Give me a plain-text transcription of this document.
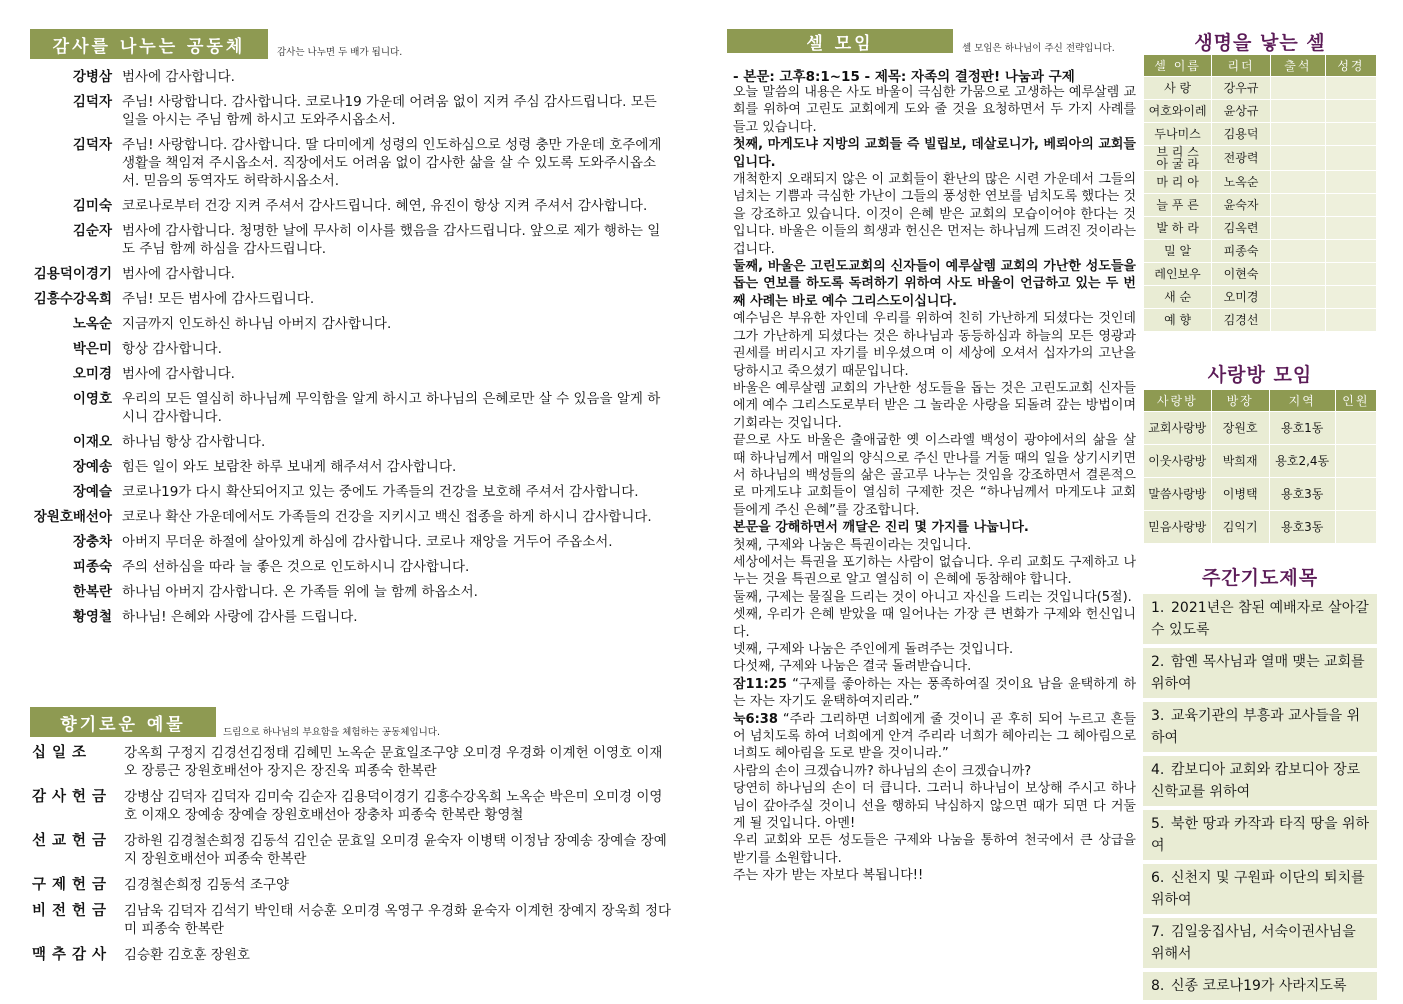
감사를 나누는 공동체	감사는 나누면 두 배가 됩니다.
강병삼 범사에 감사합니다.
김덕자 주님! 사랑합니다. 감사합니다. 코로나19 가운데 어려움 없이 지켜 주심 감사드립니다. 모든 일을 아시는 주님 함께 하시고 도와주시옵소서.
김덕자 주님! 사랑합니다. 감사합니다. 딸 다미에게 성령의 인도하심으로 성령 충만 가운데 호주에게 생활을 책임져 주시옵소서. 직장에서도 어려움 없이 감사한 삶을 살 수 있도록 도와주시옵소서. 믿음의 동역자도 허락하시옵소서.
김미숙 코로나로부터 건강 지켜 주셔서 감사드립니다. 혜연, 유진이 항상 지켜 주셔서 감사합니다.
김순자 범사에 감사합니다. 청명한 날에 무사히 이사를 했음을 감사드립니다. 앞으로 제가 행하는 일도 주님 함께 하심을 감사드립니다.
김용덕이경기 범사에 감사합니다.
김흥수강옥희 주님! 모든 범사에 감사드립니다.
노옥순 지금까지 인도하신 하나님 아버지 감사합니다.
박은미 항상 감사합니다.
오미경 범사에 감사합니다.
이영호 우리의 모든 열심히 하나님께 무익함을 알게 하시고 하나님의 은혜로만 살 수 있음을 알게 하시니 감사합니다.
이재오 하나님 항상 감사합니다.
장예송 힘든 일이 와도 보람찬 하루 보내게 해주셔서 감사합니다.
장예슬 코로나19가 다시 확산되어지고 있는 중에도 가족들의 건강을 보호해 주셔서 감사합니다.
장원호배선아 코로나 확산 가운데에서도 가족들의 건강을 지키시고 백신 접종을 하게 하시니 감사합니다.
장충차 아버지 무더운 하절에 살아있게 하심에 감사합니다. 코로나 재앙을 거두어 주옵소서.
피종숙 주의 선하심을 따라 늘 좋은 것으로 인도하시니 감사합니다.
한복란 하나님 아버지 감사합니다. 온 가족들 위에 늘 함께 하옵소서.
황영철 하나님! 은혜와 사랑에 감사를 드립니다.
향기로운 예물	드림으로 하나님의 부요함을 체험하는 공동체입니다.
십일조	강옥희 구정지 김경선김정태 김혜민 노옥순 문효일조구양 오미경 우경화 이계헌 이영호 이재오 장릉근 장원호배선아 장지은 장진욱 피종숙 한복란
감사헌금 강병삼 김덕자 김덕자 김미숙 김순자 김용덕이경기 김흥수강옥희 노옥순 박은미 오미경 이영호 이재오 장예송 장예슬 장원호배선아 장충차 피종숙 한복란 황영철
선교헌금 강하원 김경철손희정 김동석 김인순 문효일 오미경 윤숙자 이병택 이정남 장예송 장예슬 장예지 장원호배선아 피종숙 한복란
구제헌금 김경철손희정 김동석 조구양
비전헌금 김남욱 김덕자 김석기 박인태 서승훈 오미경 옥영구 우경화 윤숙자 이계헌 장예지 장욱희 정다미 피종숙 한복란
맥추감사 김승환 김호훈 장원호
셀 모임	셀 모임은 하나님이 주신 전략입니다.
- 본문: 고후8:1~15 - 제목: 자족의 결정판! 나눔과 구제

오늘 말씀의 내용은 사도 바울이 극심한 가뭄으로 고생하는 예루살렘 교회를 위하여 고린도 교회에게 도와 줄 것을 요청하면서 두 가지 사례를 들고 있습니다.

첫째, 마게도냐 지방의 교회들 즉 빌립보, 데살로니가, 베뢰아의 교회들입니다.

개척한지 오래되지 않은 이 교회들이 환난의 많은 시련 가운데서 그들의 넘치는 기쁨과 극심한 가난이 그들의 풍성한 연보를 넘치도록 했다는 것을 강조하고 있습니다. 이것이 은혜 받은 교회의 모습이어야 한다는 것입니다. 바울은 이들의 희생과 헌신은 먼저는 하나님께 드려진 것이라는 겁니다.

둘째, 바울은 고린도교회의 신자들이 예루살렘 교회의 가난한 성도들을 돕는 연보를 하도록 독려하기 위하여 사도 바울이 언급하고 있는 두 번째 사례는 바로 예수 그리스도이십니다.

예수님은 부유한 자인데 우리를 위하여 친히 가난하게 되셨다는 것인데 그가 가난하게 되셨다는 것은 하나님과 동등하심과 하늘의 모든 영광과 권세를 버리시고 자기를 비우셨으며 이 세상에 오셔서 십자가의 고난을 당하시고 죽으셨기 때문입니다.

바울은 예루살렘 교회의 가난한 성도들을 돕는 것은 고린도교회 신자들에게 예수 그리스도로부터 받은 그 놀라운 사랑을 되돌려 갚는 방법이며 기회라는 것입니다.

끝으로 사도 바울은 출애굽한 옛 이스라엘 백성이 광야에서의 삶을 살 때 하나님께서 매일의 양식으로 주신 만나를 거둘 때의 일을 상기시키면서 하나님의 백성들의 삶은 골고루 나누는 것임을 강조하면서 결론적으로 마게도냐 교회들이 열심히 구제한 것은 “하나님께서 마게도냐 교회들에게 주신 은혜”를 강조합니다.

본문을 강해하면서 깨달은 진리 몇 가지를 나눕니다.

첫째, 구제와 나눔은 특권이라는 것입니다.

세상에서는 특권을 포기하는 사람이 없습니다. 우리 교회도 구제하고 나누는 것을 특권으로 알고 열심히 이 은혜에 동참해야 합니다.

둘째, 구제는 물질을 드리는 것이 아니고 자신을 드리는 것입니다(5절).

셋째, 우리가 은혜 받았을 때 일어나는 가장 큰 변화가 구제와 헌신입니다.

넷째, 구제와 나눔은 주인에게 돌려주는 것입니다.

다섯째, 구제와 나눔은 결국 돌려받습니다.

잠11:25 “구제를 좋아하는 자는 풍족하여질 것이요 남을 윤택하게 하는 자는 자기도 윤택하여지리라.”

눅6:38 “주라 그리하면 너희에게 줄 것이니 곧 후히 되어 누르고 흔들어 넘치도록 하여 너희에게 안겨 주리라 너희가 헤아리는 그 헤아림으로 너희도 헤아림을 도로 받을 것이니라.”

사람의 손이 크겠습니까? 하나님의 손이 크겠습니까?

당연히 하나님의 손이 더 큽니다. 그러니 하나님이 보상해 주시고 하나님이 갚아주실 것이니 선을 행하되 낙심하지 않으면 때가 되면 다 거둘게 될 것입니다. 아멘!

우리 교회와 모든 성도들은 구제와 나눔을 통하여 천국에서 큰 상급을 받기를 소원합니다.

주는 자가 받는 자보다 복됩니다!!

생명을 낳는 셀
셀 이름	리더	출석	성경
사 랑	강우규		
여호와이레	윤상규		
두나미스	김용덕		
브 리 스
아 굴 라	전광력		
마 리 아	노옥순		
늘 푸 른	윤숙자		
발 하 라	김옥련		
밀 알	피종숙		
레인보우	이현숙		
새 순	오미경		
예 향	김경선		
사랑방 모임
사랑방	방장	지역	인원
교회사랑방	장원호	용호1동	
이웃사랑방	박희재	용호2,4동	
말씀사랑방	이병택	용호3동	
믿음사랑방	김익기	용호3동	
주간기도제목
1. 2021년은 참된 예배자로 살아갈 수 있도록
2. 함옌 목사님과 열매 맺는 교회를 위하여
3. 교육기관의 부흥과 교사들을 위하여
4. 캄보디아 교회와 캄보디아 장로신학교를 위하여
5. 북한 땅과 카작과 타직 땅을 위하여
6. 신천지 및 구원파 이단의 퇴치를 위하여
7. 김일웅집사님, 서숙이권사님을 위해서
8. 신종 코로나19가 사라지도록
